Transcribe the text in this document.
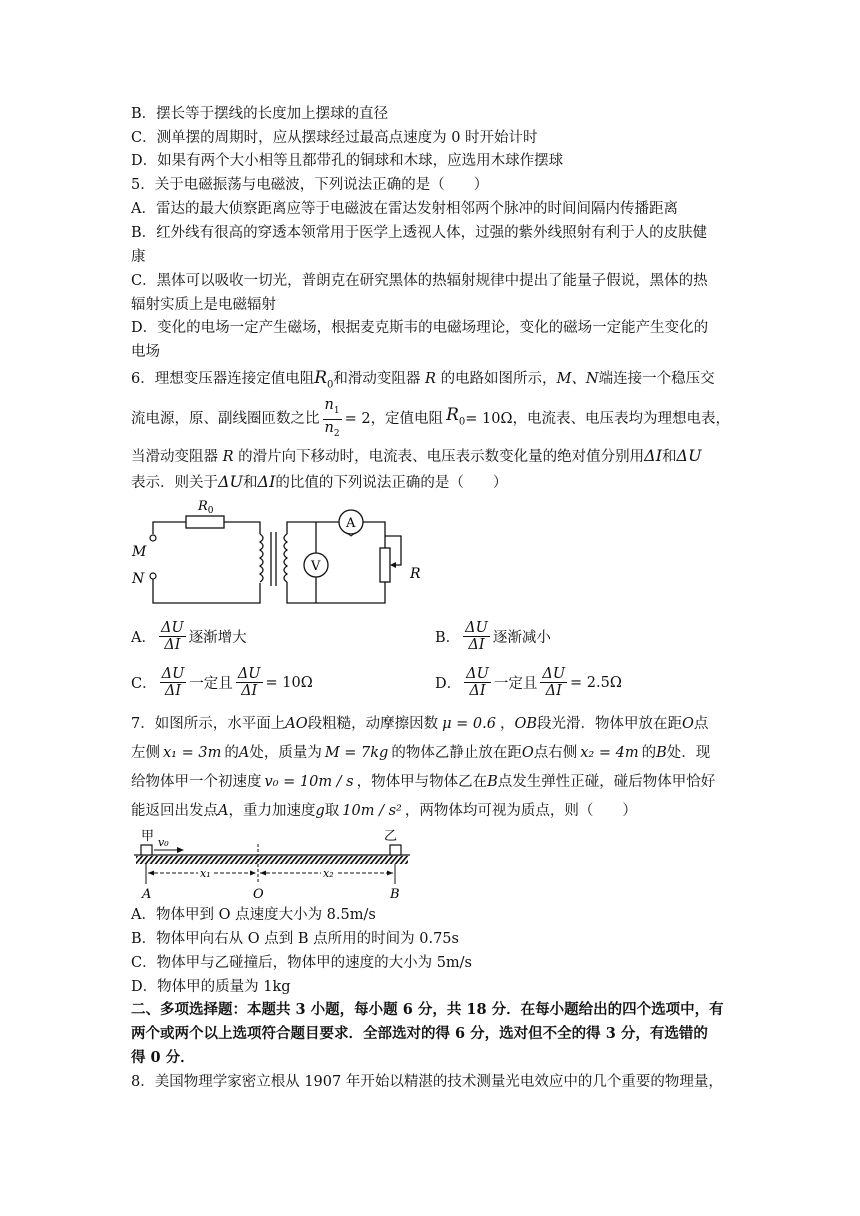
B．摆长等于摆线的长度加上摆球的直径
C．测单摆的周期时，应从摆球经过最高点速度为 0 时开始计时
D．如果有两个大小相等且都带孔的铜球和木球，应选用木球作摆球
5．关于电磁振荡与电磁波，下列说法正确的是（　　）
A．雷达的最大侦察距离应等于电磁波在雷达发射相邻两个脉冲的时间间隔内传播距离
B．红外线有很高的穿透本领常用于医学上透视人体，过强的紫外线照射有利于人的皮肤健
康
C．黑体可以吸收一切光，普朗克在研究黑体的热辐射规律中提出了能量子假说，黑体的热
辐射实质上是电磁辐射
D．变化的电场一定产生磁场，根据麦克斯韦的电磁场理论，变化的磁场一定能产生变化的
电场
6．理想变压器连接定值电阻$R_0$和滑动变阻器 R 的电路如图所示，M、N端连接一个稳压交
流电源，原、副线圈匝数之比 $\frac{n_1}{n_2} = 2$ ，定值电阻 $R_0 = 10\Omega$ ，电流表、电压表均为理想电表，
当滑动变阻器 R 的滑片向下移动时，电流表、电压表示数变化量的绝对值分别用ΔI和ΔU
表示．则关于ΔU和ΔI的比值的下列说法正确的是（　　）
$R_0$
M
N
A
V	R
A． $\frac{\Delta U}{\Delta I}$ 逐渐增大	B． $\frac{\Delta U}{\Delta I}$ 逐渐减小
C． $\frac{\Delta U}{\Delta I}$ 一定且 $\frac{\Delta U}{\Delta I} = 10\Omega$	D． $\frac{\Delta U}{\Delta I}$ 一定且 $\frac{\Delta U}{\Delta I} = 2.5\Omega$
7．如图所示，水平面上AO段粗糙，动摩擦因数 μ = 0.6 ，OB段光滑．物体甲放在距O点
左侧 x₁ = 3m 的A处，质量为 M = 7kg 的物体乙静止放在距O点右侧 x₂ = 4m 的B处．现
给物体甲一个初速度 v₀ = 10m / s ，物体甲与物体乙在B点发生弹性正碰，碰后物体甲恰好
能返回出发点A，重力加速度g取 10m / s² ，两物体均可视为质点，则（　　）
甲	乙
v₀
x₁	x₂
A	O	B
A．物体甲到 O 点速度大小为 8.5m/s
B．物体甲向右从 O 点到 B 点所用的时间为 0.75s
C．物体甲与乙碰撞后，物体甲的速度的大小为 5m/s
D．物体甲的质量为 1kg
二、多项选择题：本题共 3 小题，每小题 6 分，共 18 分．在每小题给出的四个选项中，有
两个或两个以上选项符合题目要求．全部选对的得 6 分，选对但不全的得 3 分，有选错的
得 0 分．
8．美国物理学家密立根从 1907 年开始以精湛的技术测量光电效应中的几个重要的物理量，
